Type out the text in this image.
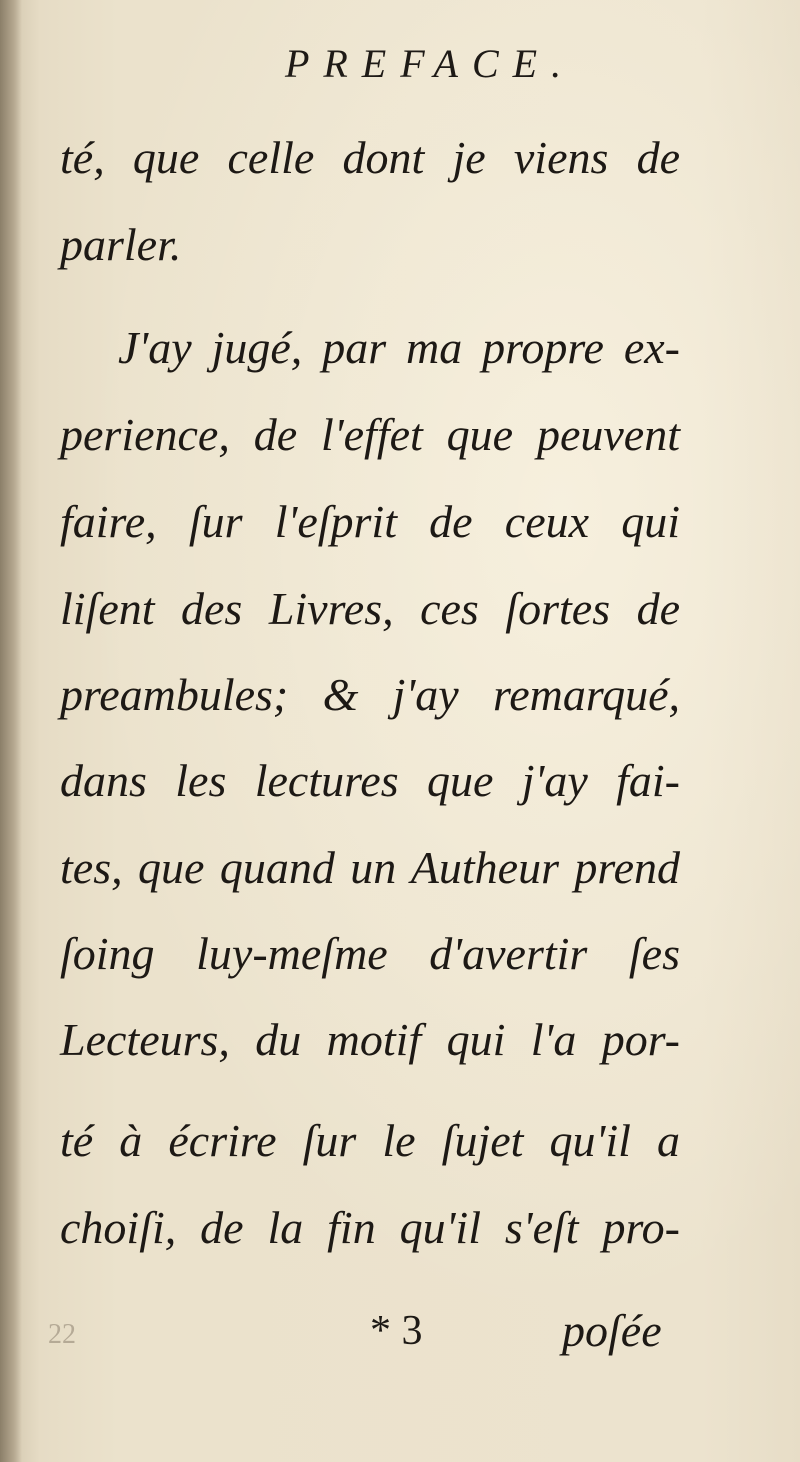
PREFACE.
té, que celle dont je viens de
parler.
J'ay jugé, par ma propre ex-
perience, de l'effet que peuvent
faire, ſur l'eſprit de ceux qui
liſent des Livres, ces ſortes de
preambules; & j'ay remarqué,
dans les lectures que j'ay fai-
tes, que quand un Autheur prend
ſoing luy-meſme d'avertir ſes
Lecteurs, du motif qui l'a por-
té à écrire ſur le ſujet qu'il a
choiſi, de la fin qu'il s'eſt pro-
22	* 3	poſée
